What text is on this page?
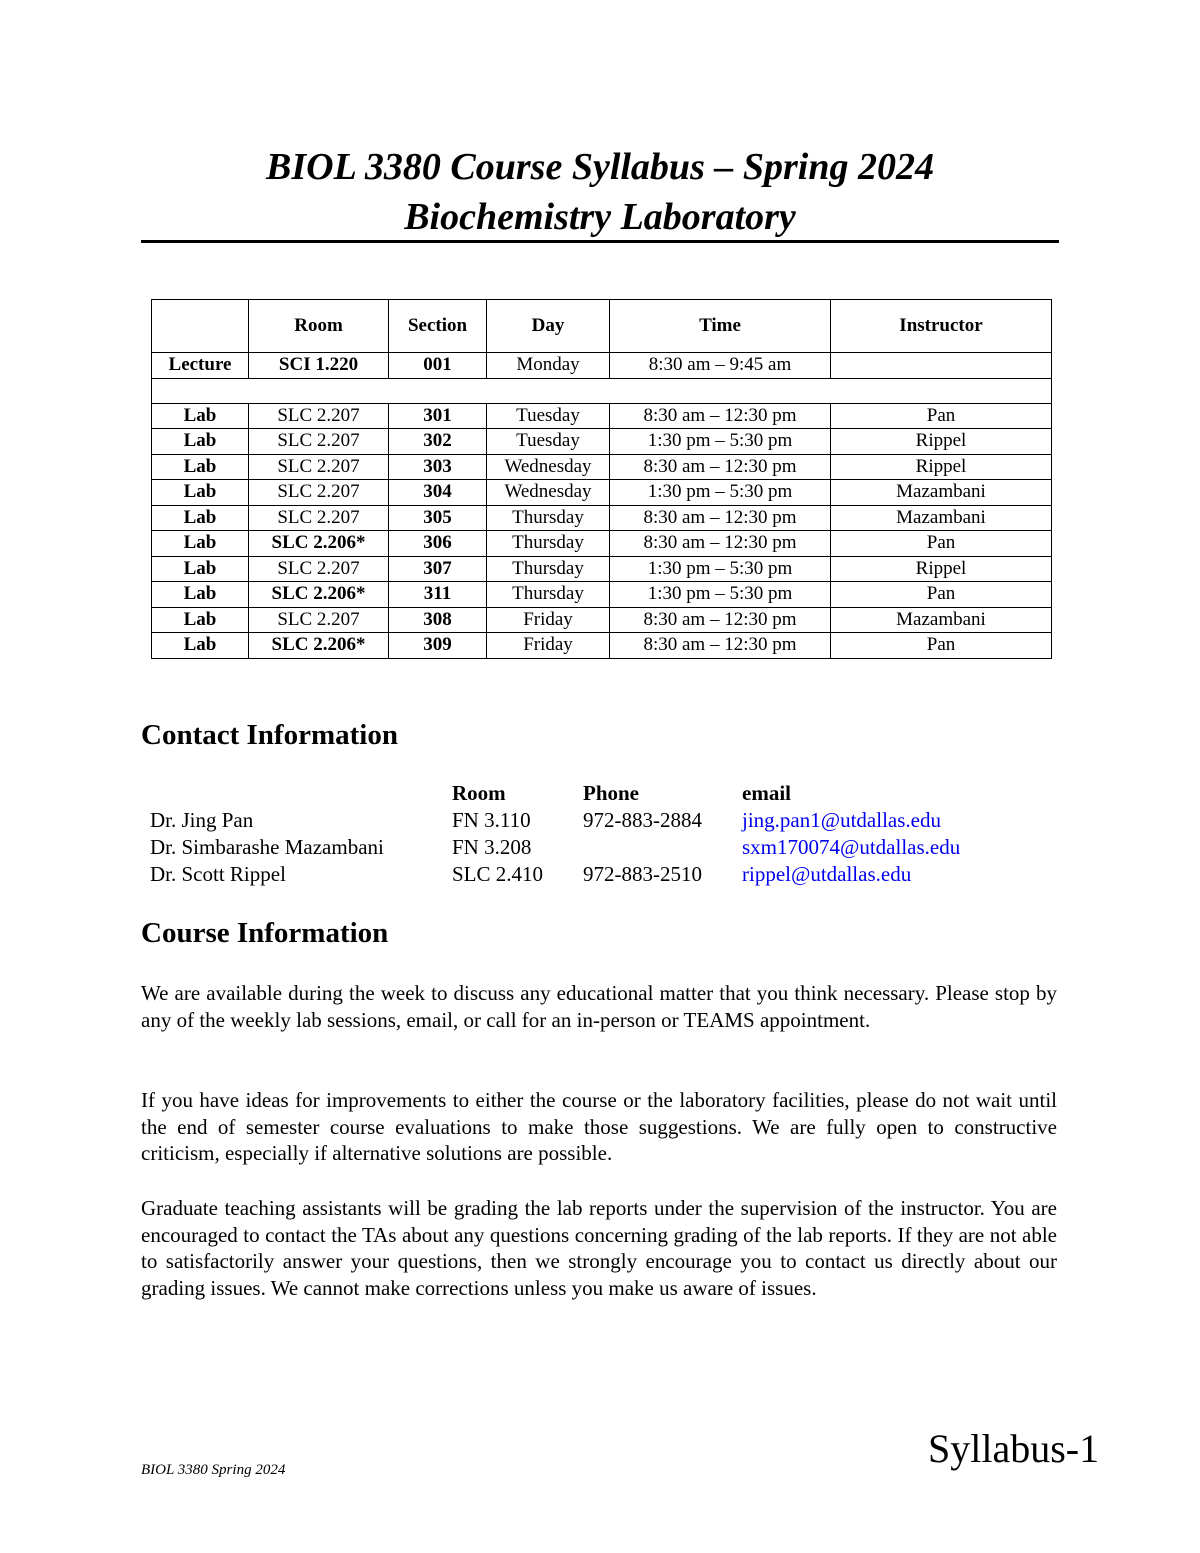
BIOL 3380 Course Syllabus – Spring 2024
Biochemistry Laboratory
	Room	Section	Day	Time	Instructor
Lecture	SCI 1.220	001	Monday	8:30 am – 9:45 am	

Lab	SLC 2.207	301	Tuesday	8:30 am – 12:30 pm	Pan
Lab	SLC 2.207	302	Tuesday	1:30 pm – 5:30 pm	Rippel
Lab	SLC 2.207	303	Wednesday	8:30 am – 12:30 pm	Rippel
Lab	SLC 2.207	304	Wednesday	1:30 pm – 5:30 pm	Mazambani
Lab	SLC 2.207	305	Thursday	8:30 am – 12:30 pm	Mazambani
Lab	SLC 2.206*	306	Thursday	8:30 am – 12:30 pm	Pan
Lab	SLC 2.207	307	Thursday	1:30 pm – 5:30 pm	Rippel
Lab	SLC 2.206*	311	Thursday	1:30 pm – 5:30 pm	Pan
Lab	SLC 2.207	308	Friday	8:30 am – 12:30 pm	Mazambani
Lab	SLC 2.206*	309	Friday	8:30 am – 12:30 pm	Pan
Contact Information
	Room	Phone	email
Dr. Jing Pan	FN 3.110	972-883-2884	jing.pan1@utdallas.edu
Dr. Simbarashe Mazambani	FN 3.208		sxm170074@utdallas.edu
Dr. Scott Rippel	SLC 2.410	972-883-2510	rippel@utdallas.edu
Course Information

We are available during the week to discuss any educational matter that you think necessary. Please stop by any of the weekly lab sessions, email, or call for an in-person or TEAMS appointment.

If you have ideas for improvements to either the course or the laboratory facilities, please do not wait until the end of semester course evaluations to make those suggestions. We are fully open to constructive criticism, especially if alternative solutions are possible.

Graduate teaching assistants will be grading the lab reports under the supervision of the instructor. You are encouraged to contact the TAs about any questions concerning grading of the lab reports. If they are not able to satisfactorily answer your questions, then we strongly encourage you to contact us directly about our grading issues. We cannot make corrections unless you make us aware of issues.

BIOL 3380 Spring 2024	Syllabus-1
